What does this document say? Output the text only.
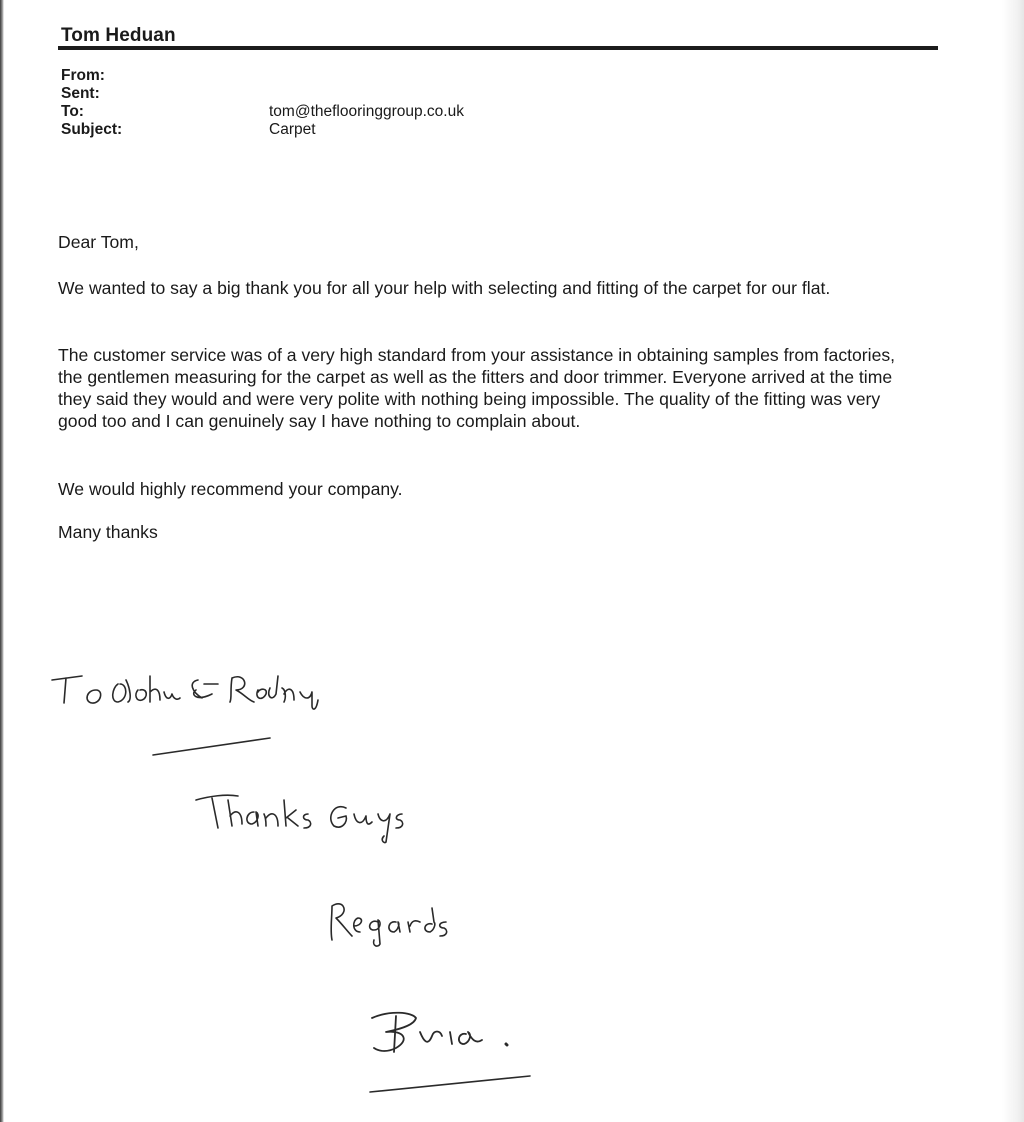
Tom Heduan
From:
Sent:
To:	tom@theflooringgroup.co.uk
Subject:	Carpet

Dear Tom,

We wanted to say a big thank you for all your help with selecting and fitting of the carpet for our flat.

The customer service was of a very high standard from your assistance in obtaining samples from factories, the gentlemen measuring for the carpet as well as the fitters and door trimmer. Everyone arrived at the time they said they would and were very polite with nothing being impossible. The quality of the fitting was very good too and I can genuinely say I have nothing to complain about.

We would highly recommend your company.

Many thanks
